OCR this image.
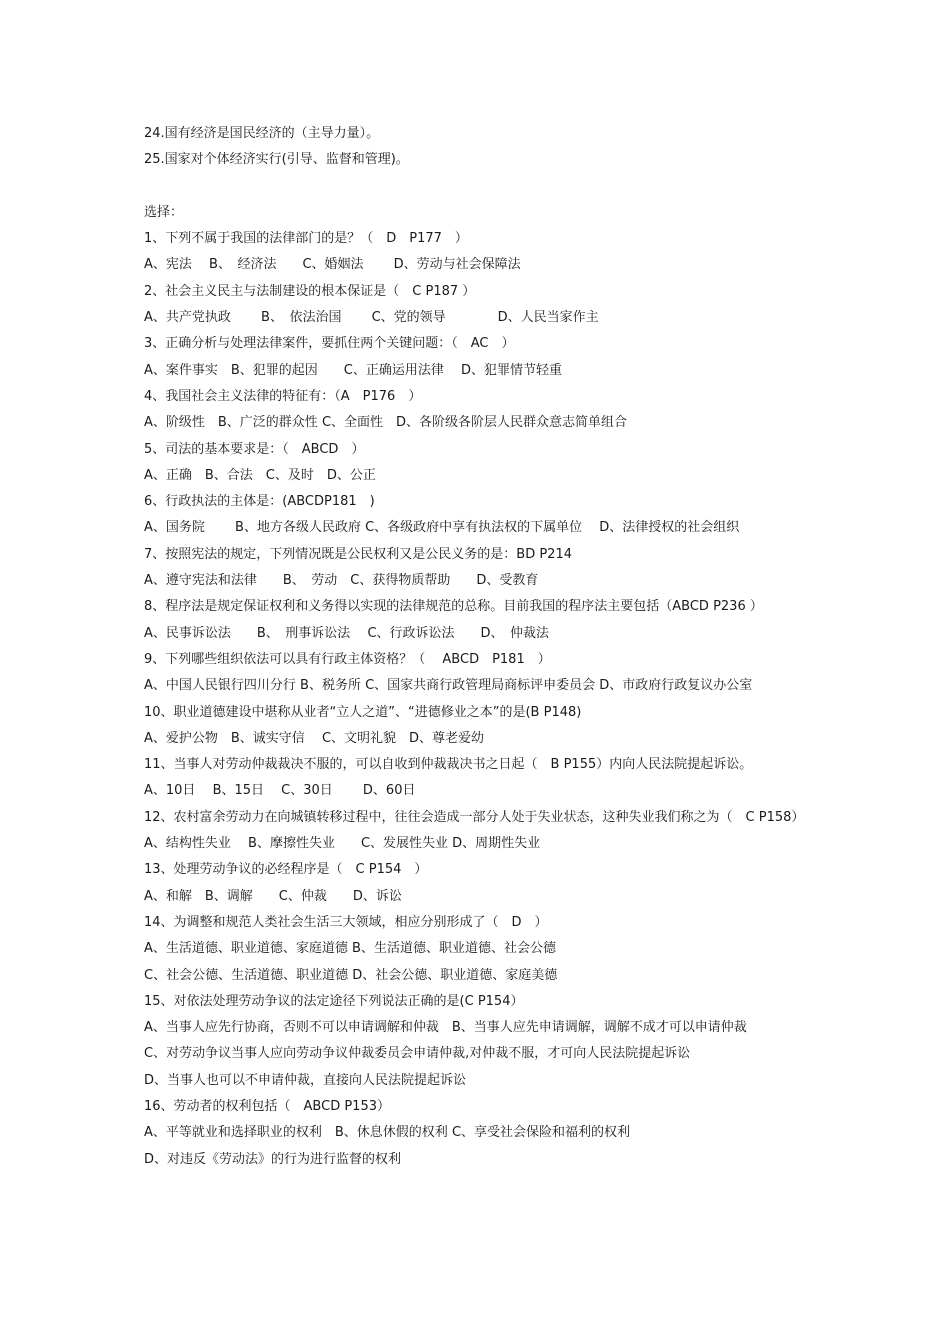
24.国有经济是国民经济的（主导力量）。
25.国家对个体经济实行(引导、监督和管理)。
选择：
1、下列不属于我国的法律部门的是？（　D　P177　）
A、宪法　 B、　经济法　　C、婚姻法　　 D、劳动与社会保障法
2、社会主义民主与法制建设的根本保证是（　C P187 ）
A、共产党执政　　 B、　依法治国　　 C、党的领导　　　　D、人民当家作主
3、正确分析与处理法律案件，要抓住两个关键问题：（　AC　）
A、案件事实　B、犯罪的起因　　C、正确运用法律　 D、犯罪情节轻重
4、我国社会主义法律的特征有：（A　P176　）
A、阶级性　B、广泛的群众性 C、全面性　D、各阶级各阶层人民群众意志简单组合
5、司法的基本要求是：（　ABCD　）
A、正确　B、合法　C、及时　D、公正
6、行政执法的主体是：(ABCDP181　)
A、国务院　　 B、地方各级人民政府 C、各级政府中享有执法权的下属单位　 D、法律授权的社会组织
7、按照宪法的规定，下列情况既是公民权利又是公民义务的是：BD P214
A、遵守宪法和法律　　B、　劳动　C、获得物质帮助　　D、受教育
8、程序法是规定保证权利和义务得以实现的法律规范的总称。目前我国的程序法主要包括（ABCD P236 ）
A、民事诉讼法　　B、　刑事诉讼法　 C、行政诉讼法　　D、　仲裁法
9、下列哪些组织依法可以具有行政主体资格？（　 ABCD　P181　）
A、中国人民银行四川分行 B、税务所 C、国家共商行政管理局商标评申委员会 D、市政府行政复议办公室
10、职业道德建设中堪称从业者“立人之道”、“进德修业之本”的是(B P148)
A、爱护公物　B、诚实守信　 C、文明礼貌　D、尊老爱幼
11、当事人对劳动仲裁裁决不服的，可以自收到仲裁裁决书之日起（　B P155）内向人民法院提起诉讼。
A、10日　 B、15日　 C、30日　　 D、60日
12、农村富余劳动力在向城镇转移过程中，往往会造成一部分人处于失业状态，这种失业我们称之为（　C P158）
A、结构性失业　 B、摩擦性失业　　C、发展性失业 D、周期性失业
13、处理劳动争议的必经程序是（　C P154　）
A、和解　B、调解　　C、仲裁　　D、诉讼
14、为调整和规范人类社会生活三大领域，相应分别形成了（　D　）
A、生活道德、职业道德、家庭道德 B、生活道德、职业道德、社会公德
C、社会公德、生活道德、职业道德 D、社会公德、职业道德、家庭美德
15、对依法处理劳动争议的法定途径下列说法正确的是(C P154）
A、当事人应先行协商，否则不可以申请调解和仲裁　B、当事人应先申请调解，调解不成才可以申请仲裁
C、对劳动争议当事人应向劳动争议仲裁委员会申请仲裁,对仲裁不服，才可向人民法院提起诉讼
D、当事人也可以不申请仲裁，直接向人民法院提起诉讼
16、劳动者的权利包括（　ABCD P153）
A、平等就业和选择职业的权利　B、休息休假的权利 C、享受社会保险和福利的权利
D、对违反《劳动法》的行为进行监督的权利
